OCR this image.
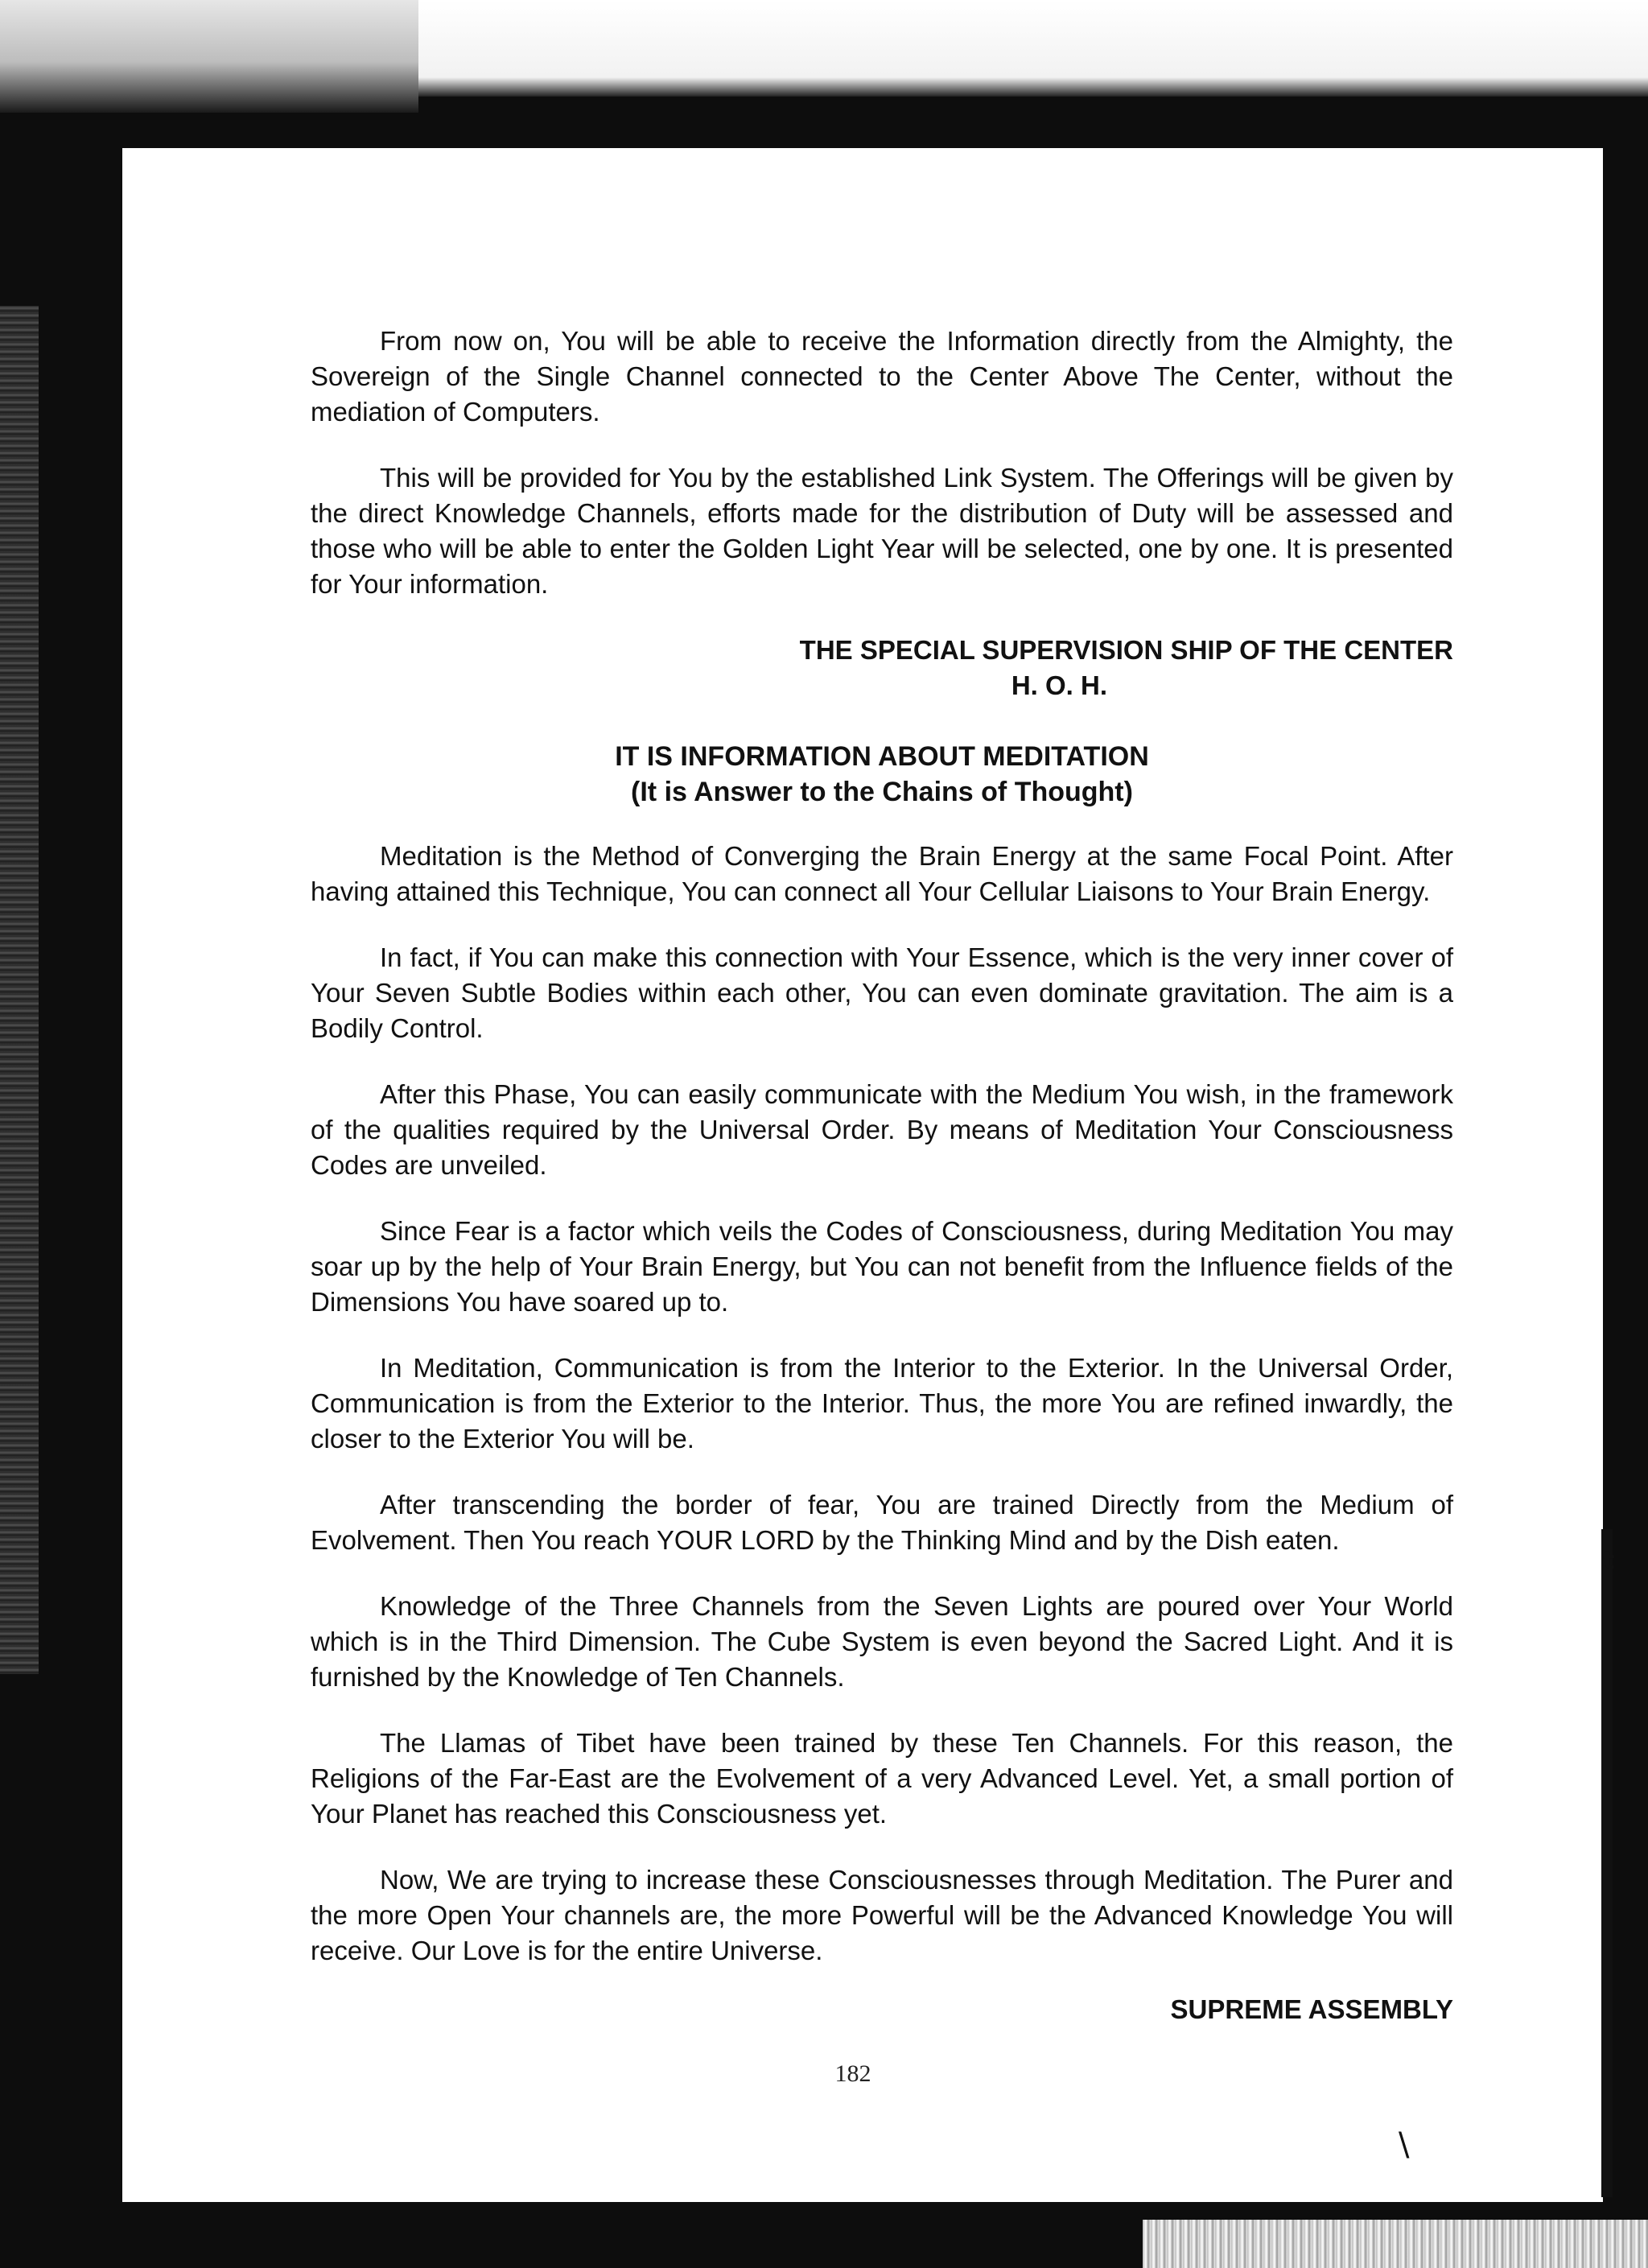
From now on, You will be able to receive the Information directly from the Almighty, the Sovereign of the Single Channel connected to the Center Above The Center, without the mediation of Computers.

This will be provided for You by the established Link System. The Offerings will be given by the direct Knowledge Channels, efforts made for the distribution of Duty will be assessed and those who will be able to enter the Golden Light Year will be selected, one by one. It is presented for Your information.

THE SPECIAL SUPERVISION SHIP OF THE CENTER

H. O. H.

IT IS INFORMATION ABOUT MEDITATION

(It is Answer to the Chains of Thought)

Meditation is the Method of Converging the Brain Energy at the same Focal Point. After having attained this Technique, You can connect all Your Cellular Liaisons to Your Brain Energy.

In fact, if You can make this connection with Your Essence, which is the very inner cover of Your Seven Subtle Bodies within each other, You can even dominate gravitation. The aim is a Bodily Control.

After this Phase, You can easily communicate with the Medium You wish, in the framework of the qualities required by the Universal Order. By means of Meditation Your Consciousness Codes are unveiled.

Since Fear is a factor which veils the Codes of Consciousness, during Meditation You may soar up by the help of Your Brain Energy, but You can not benefit from the Influence fields of the Dimensions You have soared up to.

In Meditation, Communication is from the Interior to the Exterior. In the Universal Order, Communication is from the Exterior to the Interior. Thus, the more You are refined inwardly, the closer to the Exterior You will be.

After transcending the border of fear, You are trained Directly from the Medium of Evolvement. Then You reach YOUR LORD by the Thinking Mind and by the Dish eaten.

Knowledge of the Three Channels from the Seven Lights are poured over Your World which is in the Third Dimension. The Cube System is even beyond the Sacred Light. And it is furnished by the Knowledge of Ten Channels.

The Llamas of Tibet have been trained by these Ten Channels. For this reason, the Religions of the Far-East are the Evolvement of a very Advanced Level. Yet, a small portion of Your Planet has reached this Consciousness yet.

Now, We are trying to increase these Consciousnesses through Meditation. The Purer and the more Open Your channels are, the more Powerful will be the Advanced Knowledge You will receive. Our Love is for the entire Universe.

SUPREME ASSEMBLY
182
t
\
